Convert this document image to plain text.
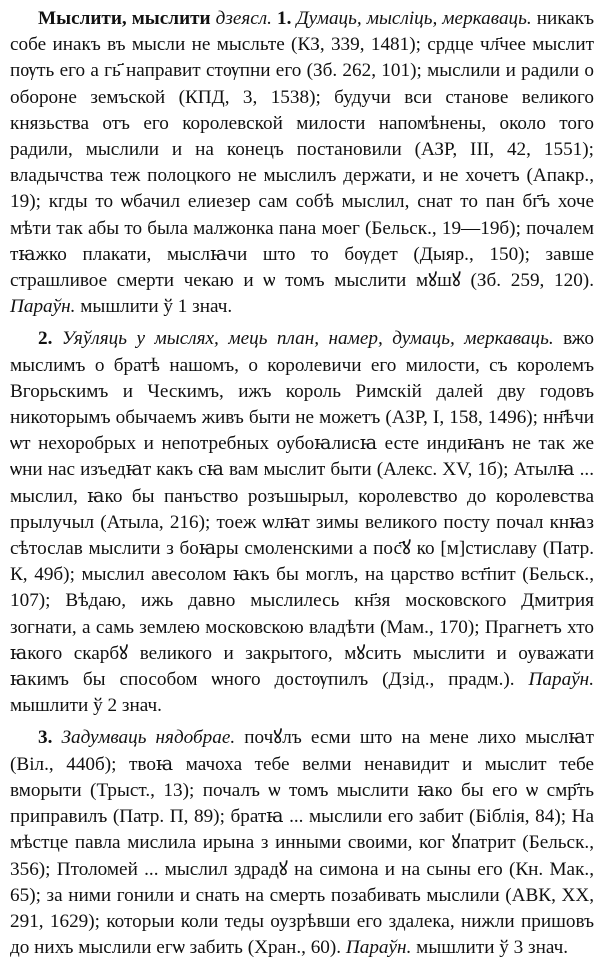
Мыслити, мыслити дзеясл. 1. Думаць, мысліць, меркаваць. никакъ собе инакъ въ мысли не мысльте (КЗ, 339, 1481); срдце чл҃чее мыслит пѹть его а гь҃ направит стѹпни его (Зб. 262, 101); мыслили и радили о обороне земъской (КПД, 3, 1538); будучи вси станове великого князьства отъ его королевской милости напомѣнены, около того радили, мыслили и на конецъ постановили (АЗР, III, 42, 1551); владычства теж полоцкого не мыслилъ держати, и не хочетъ (Апакр., 19); кгды то ѡбачил елиезер сам собѣ мыслил, снат то пан бг҃ъ хоче мѣти так абы то была малжонка пана моег (Бельск., 19—19б); почалем тꙗжко плакати, мыслꙗчи што то бѹдет (Дыяр., 150); завше страшливое смерти чекаю и ѡ томъ мыслити мꙋшꙋ (Зб. 259, 120). Параўн. мышлити ў 1 знач.

2. Уяўляць у мыслях, мець план, намер, думаць, меркаваць. вжо мыслимъ о братѣ нашомъ, о королевичи его милости, съ королемъ Вгорьскимъ и Ческимъ, ижъ король Римскій далей дву годовъ никоторымъ обычаемъ живъ быти не можетъ (АЗР, I, 158, 1496); нн҃ѣчи ѡт нехоробрых и непотребных оубоꙗлисꙗ есте индиꙗнъ не так же ѡни нас изъедꙗт какъ сꙗ вам мыслит быти (Алекс. XV, 1б); Атылꙗ ... мыслил, ꙗко бы панъство розъшырыл, королевство до королевства прылучыл (Атыла, 216); тоеж ѡлꙗт зимы великого посту почал кнꙗз сѣтослав мыслити з боꙗры смоленскими а пос҃ꙋ ко [м]стиславу (Патр. К, 49б); мыслил авесолом ꙗкъ бы моглъ, на царство вст҃пит (Бельск., 107); Вѣдаю, ижь давно мыслилесь кн҃зя московского Дмитрия зогнати, а самь землею московскою владѣти (Мам., 170); Прагнетъ хто ꙗкого скарбꙋ великого и закрытого, мꙋсить мыслити и оуважати ꙗкимъ бы способом ѡного достѹпилъ (Дзід., прадм.). Параўн. мышлити ў 2 знач.

3. Задумваць нядобрае. почꙋлъ есми што на мене лихо мыслꙗт (Віл., 440б); твоꙗ мачоха тебе велми ненавидит и мыслит тебе вморыти (Трыст., 13); почалъ ѡ томъ мыслити ꙗко бы его ѡ смр҃ть приправилъ (Патр. П, 89); братꙗ ... мыслили его забит (Біблія, 84); На мѣстце павла мислила ирына з инными своими, ког ꙋпатрит (Бельск., 356); Птоломей ... мыслил здрадꙋ на симона и на сыны его (Кн. Мак., 65); за ними гонили и снать на смерть позабивать мыслили (АВК, XX, 291, 1629); которыи коли теды оузрѣвши его здалека, нижли пришовъ до нихъ мыслили егѡ забить (Хран., 60). Параўн. мышлити ў 3 знач.
